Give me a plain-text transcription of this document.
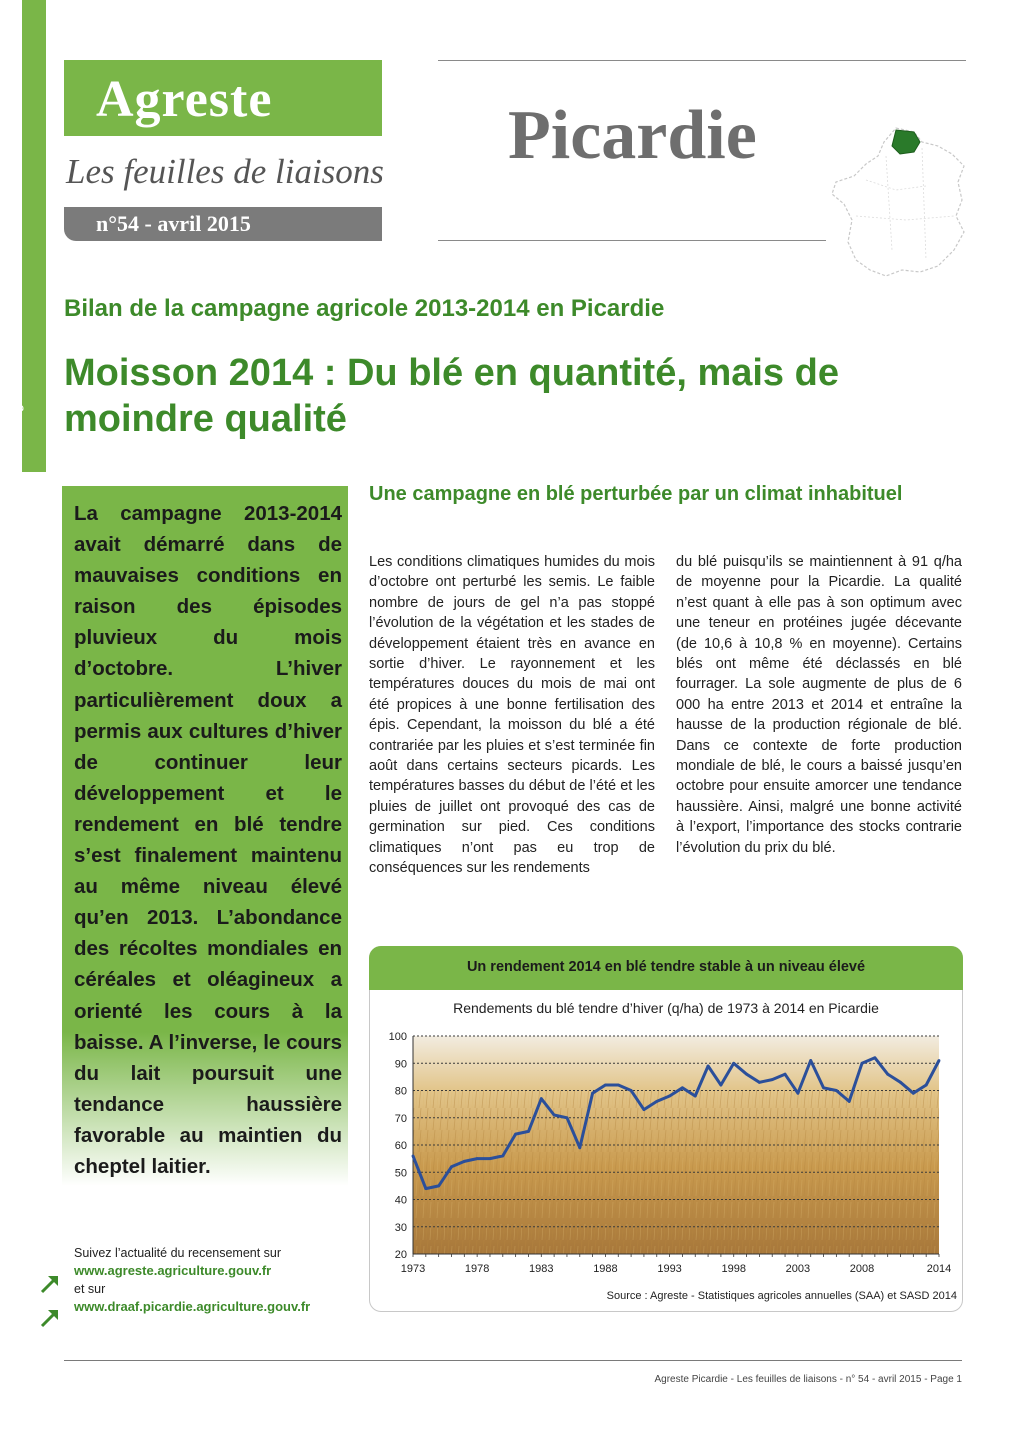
Agreste Picardie - Les feuilles de liaisons - n°54
Agreste
Les feuilles de liaisons
n°54 - avril 2015
Picardie
Bilan de la campagne agricole 2013-2014 en Picardie
Moisson 2014 : Du blé en quantité, mais de moindre qualité
La campagne 2013-2014 avait démarré dans de mauvaises conditions en raison des épisodes pluvieux du mois d’octobre. L’hiver particulièrement doux a permis aux cultures d’hiver de continuer leur développement et le rendement en blé tendre s’est finalement maintenu au même niveau élevé qu’en 2013. L’abondance des récoltes mondiales en céréales et oléagineux a orienté les cours à la baisse. A l’inverse, le cours du lait poursuit une tendance haussière favorable au maintien du cheptel laitier.
Suivez l’actualité du recensement sur
www.agreste.agriculture.gouv.fr
et sur
www.draaf.picardie.agriculture.gouv.fr
Une campagne en blé perturbée par un climat inhabituel
Les conditions climatiques humides du mois d’octobre ont perturbé les semis. Le faible nombre de jours de gel n’a pas stoppé l’évolution de la végétation et les stades de développement étaient très en avance en sortie d’hiver. Le rayonnement et les températures douces du mois de mai ont été propices à une bonne fertilisation des épis. Cependant, la moisson du blé a été contrariée par les pluies et s’est terminée fin août dans certains secteurs picards. Les températures basses du début de l’été et les pluies de juillet ont provoqué des cas de germination sur pied. Ces conditions climatiques n’ont pas eu trop de conséquences sur les rendements
du blé puisqu’ils se maintiennent à 91 q/ha de moyenne pour la Picardie. La qualité n’est quant à elle pas à son optimum avec une teneur en protéines jugée décevante (de 10,6 à 10,8 % en moyenne). Certains blés ont même été déclassés en blé fourrager. La sole augmente de plus de 6 000 ha entre 2013 et 2014 et entraîne la hausse de la production régionale de blé. Dans ce contexte de forte production mondiale de blé, le cours a baissé jusqu’en octobre pour ensuite amorcer une tendance haussière. Ainsi, malgré une bonne activité à l’export, l’importance des stocks contrarie l’évolution du prix du blé.
Un rendement 2014 en blé tendre stable à un niveau élevé
Rendements du blé tendre d’hiver (q/ha) de 1973 à 2014 en Picardie
20
30
40
50
60
70
80
90
100
1973	1978	1983	1988	1993	1998	2003	2008	2014
Source : Agreste - Statistiques agricoles annuelles (SAA) et SASD 2014
Agreste Picardie - Les feuilles de liaisons - n° 54 - avril 2015 - Page 1
